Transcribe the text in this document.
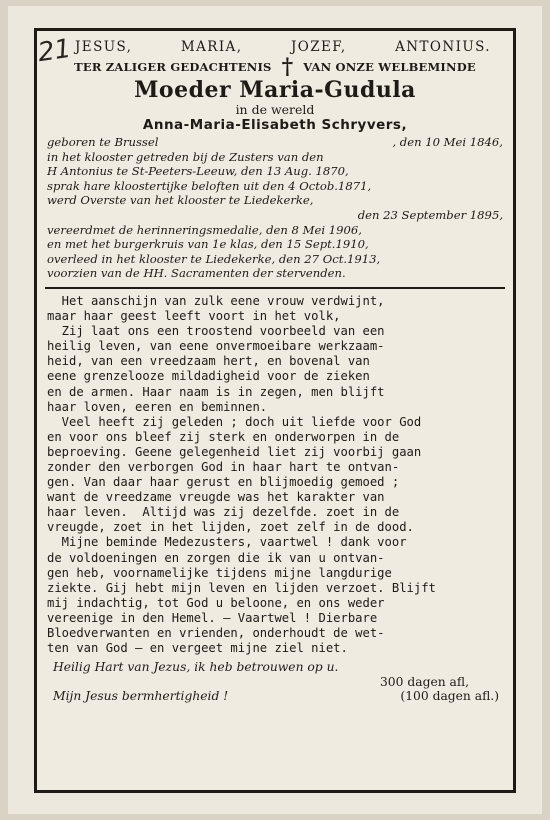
JESUS,	MARIA,	JOZEF,	ANTONIUS.
TER ZALIGER GEDACHTENIS † VAN ONZE WELBEMINDE
Moeder Maria-Gudula
in de wereld
Anna-Maria-Elisabeth Schryvers,
geboren te Brussel	, den 10 Mei 1846,
in het klooster getreden bij de Zusters van den
H Antonius te St-Peeters-Leeuw, den 13 Aug. 1870,
sprak hare kloostertijke beloften uit den 4 Octob.1871,
werd Overste van het klooster te Liedekerke,
den 23 September 1895,
vereerdmet de herinneringsmedalie, den 8 Mei 1906,
en met het burgerkruis van 1e klas, den 15 Sept.1910,
overleed in het klooster te Liedekerke, den 27 Oct.1913,
voorzien van de HH. Sacramenten der stervenden.
Het aanschijn van zulk eene vrouw verdwijnt,
maar haar geest leeft voort in het volk,
Zij laat ons een troostend voorbeeld van een
heilig leven, van eene onvermoeibare werkzaam-
heid, van een vreedzaam hert, en bovenal van
eene grenzelooze mildadigheid voor de zieken
en de armen. Haar naam is in zegen, men blijft
haar loven, eeren en beminnen.
Veel heeft zij geleden ; doch uit liefde voor God
en voor ons bleef zij sterk en onderworpen in de
beproeving. Geene gelegenheid liet zij voorbij gaan
zonder den verborgen God in haar hart te ontvan-
gen. Van daar haar gerust en blijmoedig gemoed ;
want de vreedzame vreugde was het karakter van
haar leven.  Altijd was zij dezelfde. zoet in de
vreugde, zoet in het lijden, zoet zelf in de dood.
Mijne beminde Medezusters, vaartwel ! dank voor
de voldoeningen en zorgen die ik van u ontvan-
gen heb, voornamelijke tijdens mijne langdurige
ziekte. Gij hebt mijn leven en lijden verzoet. Blijft
mij indachtig, tot God u beloone, en ons weder
vereenige in den Hemel. — Vaartwel ! Dierbare
Bloedverwanten en vrienden, onderhoudt de wet-
ten van God — en vergeet mijne ziel niet.
Heilig Hart van Jezus, ik heb betrouwen op u.
300 dagen afl,
Mijn Jesus bermhertigheid !	(100 dagen afl.)
21
